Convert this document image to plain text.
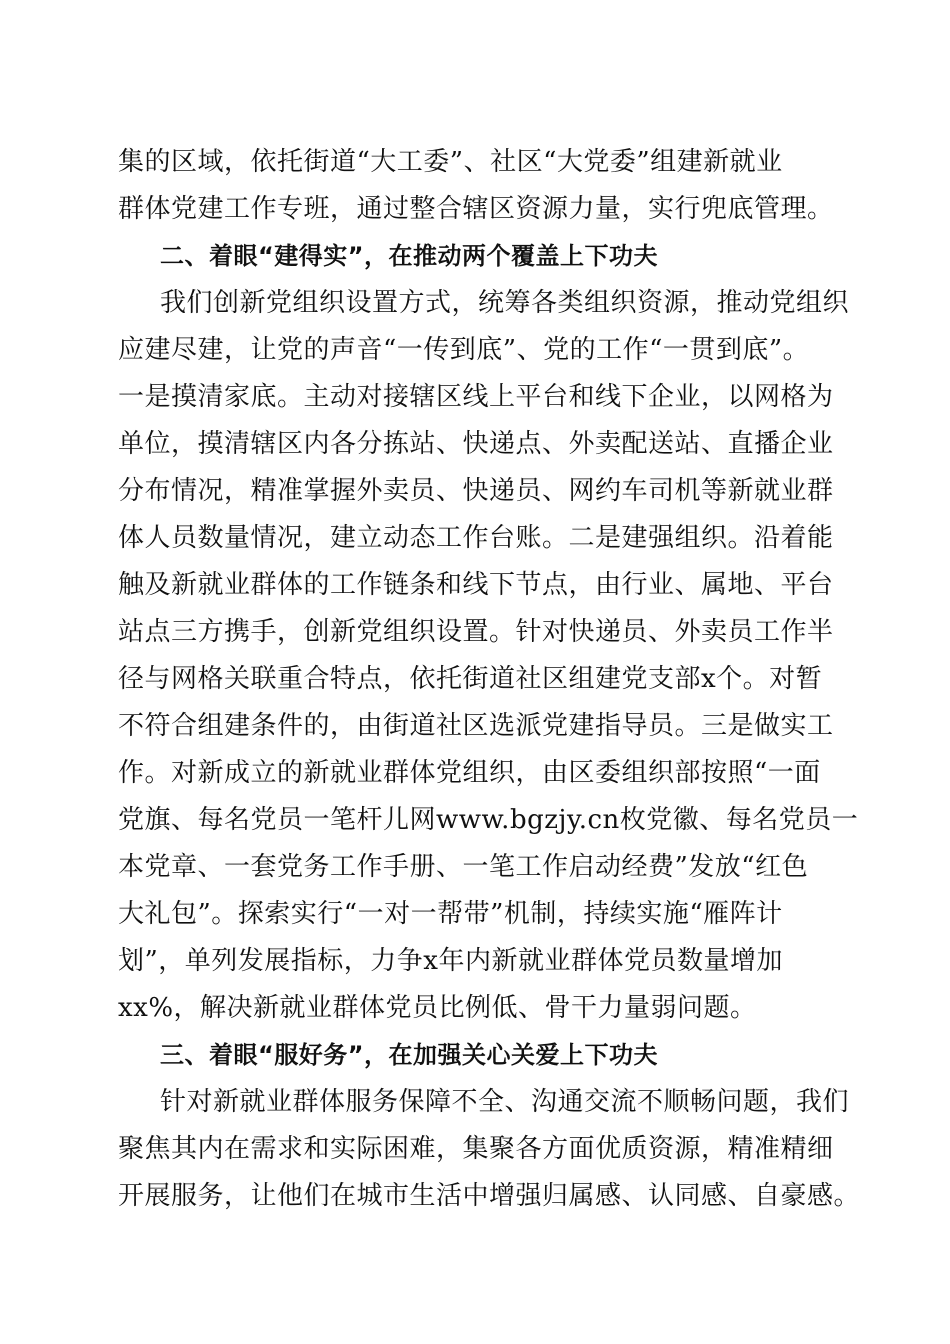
集的区域，依托街道“大工委”、社区“大党委”组建新就业
群体党建工作专班，通过整合辖区资源力量，实行兜底管理。
二、着眼“建得实”，在推动两个覆盖上下功夫
我们创新党组织设置方式，统筹各类组织资源，推动党组织
应建尽建，让党的声音“一传到底”、党的工作“一贯到底”。
一是摸清家底。主动对接辖区线上平台和线下企业，以网格为
单位，摸清辖区内各分拣站、快递点、外卖配送站、直播企业
分布情况，精准掌握外卖员、快递员、网约车司机等新就业群
体人员数量情况，建立动态工作台账。二是建强组织。沿着能
触及新就业群体的工作链条和线下节点，由行业、属地、平台
站点三方携手，创新党组织设置。针对快递员、外卖员工作半
径与网格关联重合特点，依托街道社区组建党支部x个。对暂
不符合组建条件的，由街道社区选派党建指导员。三是做实工
作。对新成立的新就业群体党组织，由区委组织部按照“一面
党旗、每名党员一笔杆儿网www.bgzjy.cn枚党徽、每名党员一
本党章、一套党务工作手册、一笔工作启动经费”发放“红色
大礼包”。探索实行“一对一帮带”机制，持续实施“雁阵计
划”，单列发展指标，力争x年内新就业群体党员数量增加
xx%，解决新就业群体党员比例低、骨干力量弱问题。
三、着眼“服好务”，在加强关心关爱上下功夫
针对新就业群体服务保障不全、沟通交流不顺畅问题，我们
聚焦其内在需求和实际困难，集聚各方面优质资源，精准精细
开展服务，让他们在城市生活中增强归属感、认同感、自豪感。
